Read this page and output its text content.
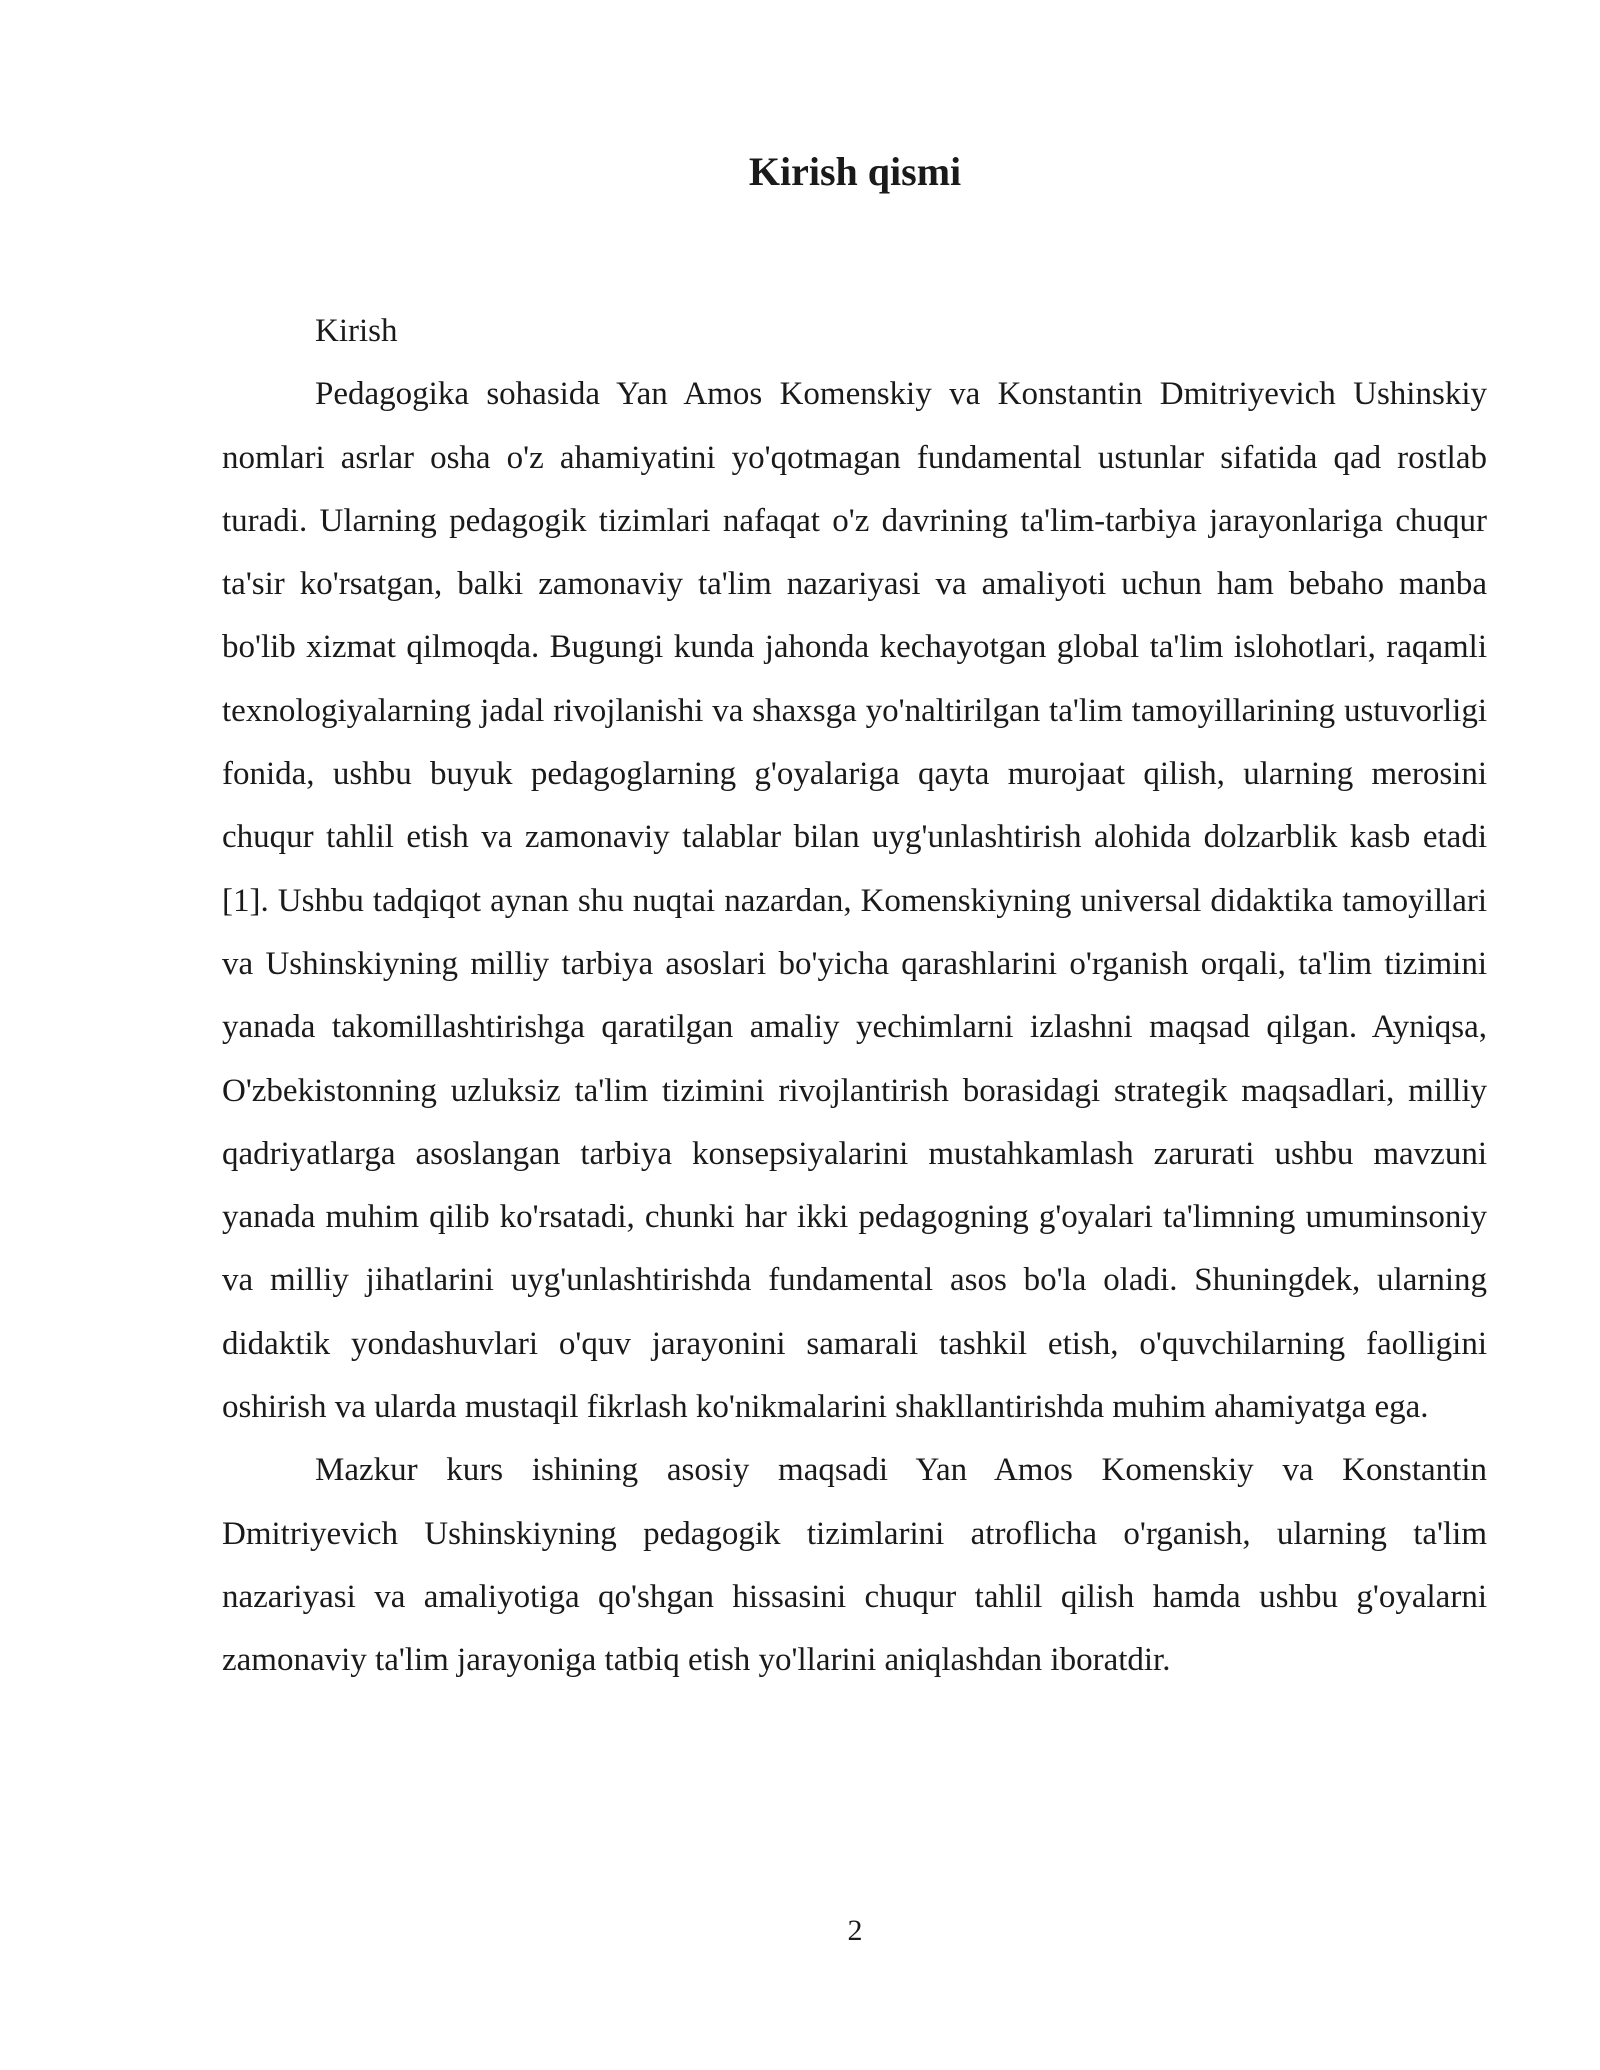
Kirish qismi

Kirish

Pedagogika sohasida Yan Amos Komenskiy va Konstantin Dmitriyevich Ushinskiy nomlari asrlar osha o'z ahamiyatini yo'qotmagan fundamental ustunlar sifatida qad rostlab turadi. Ularning pedagogik tizimlari nafaqat o'z davrining ta'lim-tarbiya jarayonlariga chuqur ta'sir ko'rsatgan, balki zamonaviy ta'lim nazariyasi va amaliyoti uchun ham bebaho manba bo'lib xizmat qilmoqda. Bugungi kunda jahonda kechayotgan global ta'lim islohotlari, raqamli texnologiyalarning jadal rivojlanishi va shaxsga yo'naltirilgan ta'lim tamoyillarining ustuvorligi fonida, ushbu buyuk pedagoglarning g'oyalariga qayta murojaat qilish, ularning merosini chuqur tahlil etish va zamonaviy talablar bilan uyg'unlashtirish alohida dolzarblik kasb etadi [1]. Ushbu tadqiqot aynan shu nuqtai nazardan, Komenskiyning universal didaktika tamoyillari va Ushinskiyning milliy tarbiya asoslari bo'yicha qarashlarini o'rganish orqali, ta'lim tizimini yanada takomillashtirishga qaratilgan amaliy yechimlarni izlashni maqsad qilgan. Ayniqsa, O'zbekistonning uzluksiz ta'lim tizimini rivojlantirish borasidagi strategik maqsadlari, milliy qadriyatlarga asoslangan tarbiya konsepsiyalarini mustahkamlash zarurati ushbu mavzuni yanada muhim qilib ko'rsatadi, chunki har ikki pedagogning g'oyalari ta'limning umuminsoniy va milliy jihatlarini uyg'unlashtirishda fundamental asos bo'la oladi. Shuningdek, ularning didaktik yondashuvlari o'quv jarayonini samarali tashkil etish, o'quvchilarning faolligini oshirish va ularda mustaqil fikrlash ko'nikmalarini shakllantirishda muhim ahamiyatga ega.

Mazkur kurs ishining asosiy maqsadi Yan Amos Komenskiy va Konstantin Dmitriyevich Ushinskiyning pedagogik tizimlarini atroflicha o'rganish, ularning ta'lim nazariyasi va amaliyotiga qo'shgan hissasini chuqur tahlil qilish hamda ushbu g'oyalarni zamonaviy ta'lim jarayoniga tatbiq etish yo'llarini aniqlashdan iboratdir.

2
